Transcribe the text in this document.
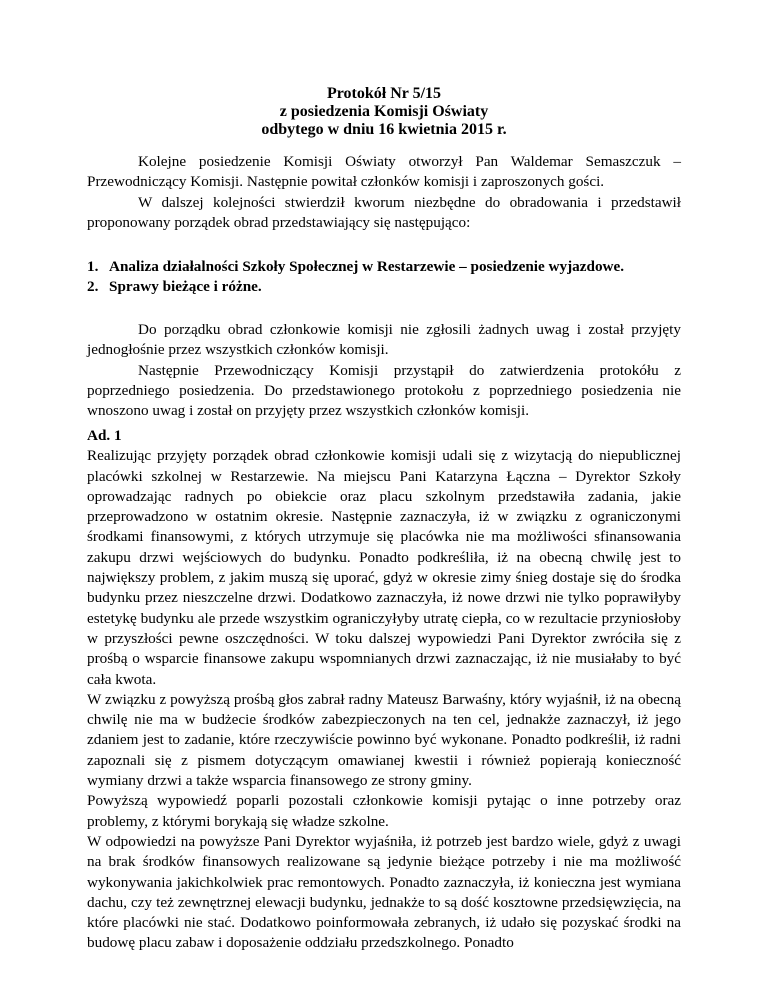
Protokół Nr 5/15
z posiedzenia Komisji Oświaty
odbytego w dniu 16 kwietnia 2015 r.

Kolejne posiedzenie Komisji Oświaty otworzył Pan Waldemar Semaszczuk – Przewodniczący Komisji. Następnie powitał członków komisji i zaproszonych gości.

W dalszej kolejności stwierdził kworum niezbędne do obradowania i przedstawił proponowany porządek obrad przedstawiający się następująco:

1. Analiza działalności Szkoły Społecznej w Restarzewie – posiedzenie wyjazdowe.
2. Sprawy bieżące i różne.

Do porządku obrad członkowie komisji nie zgłosili żadnych uwag i został przyjęty jednogłośnie przez wszystkich członków komisji.

Następnie Przewodniczący Komisji przystąpił do zatwierdzenia protokółu z poprzedniego posiedzenia. Do przedstawionego protokołu z poprzedniego posiedzenia nie wnoszono uwag i został on przyjęty przez wszystkich członków komisji.

Ad. 1

Realizując przyjęty porządek obrad członkowie komisji udali się z wizytacją do niepublicznej placówki szkolnej w Restarzewie. Na miejscu Pani Katarzyna Łączna – Dyrektor Szkoły oprowadzając radnych po obiekcie oraz placu szkolnym przedstawiła zadania, jakie przeprowadzono w ostatnim okresie. Następnie zaznaczyła, iż w związku z ograniczonymi środkami finansowymi, z których utrzymuje się placówka nie ma możliwości sfinansowania zakupu drzwi wejściowych do budynku. Ponadto podkreśliła, iż na obecną chwilę jest to największy problem, z jakim muszą się uporać, gdyż w okresie zimy śnieg dostaje się do środka budynku przez nieszczelne drzwi. Dodatkowo zaznaczyła, iż nowe drzwi nie tylko poprawiłyby estetykę budynku ale przede wszystkim ograniczyłyby utratę ciepła, co w rezultacie przyniosłoby w przyszłości pewne oszczędności. W toku dalszej wypowiedzi Pani Dyrektor zwróciła się z prośbą o wsparcie finansowe zakupu wspomnianych drzwi zaznaczając, iż nie musiałaby to być cała kwota.

W związku z powyższą prośbą głos zabrał radny Mateusz Barwaśny, który wyjaśnił, iż na obecną chwilę nie ma w budżecie środków zabezpieczonych na ten cel, jednakże zaznaczył, iż jego zdaniem jest to zadanie, które rzeczywiście powinno być wykonane. Ponadto podkreślił, iż radni zapoznali się z pismem dotyczącym omawianej kwestii i również popierają konieczność wymiany drzwi a także wsparcia finansowego ze strony gminy.

Powyższą wypowiedź poparli pozostali członkowie komisji pytając o inne potrzeby oraz problemy, z którymi borykają się władze szkolne.

W odpowiedzi na powyższe Pani Dyrektor wyjaśniła, iż potrzeb jest bardzo wiele, gdyż z uwagi na brak środków finansowych realizowane są jedynie bieżące potrzeby i nie ma możliwość wykonywania jakichkolwiek prac remontowych. Ponadto zaznaczyła, iż konieczna jest wymiana dachu, czy też zewnętrznej elewacji budynku, jednakże to są dość kosztowne przedsięwzięcia, na które placówki nie stać. Dodatkowo poinformowała zebranych, iż udało się pozyskać środki na budowę placu zabaw i doposażenie oddziału przedszkolnego. Ponadto
